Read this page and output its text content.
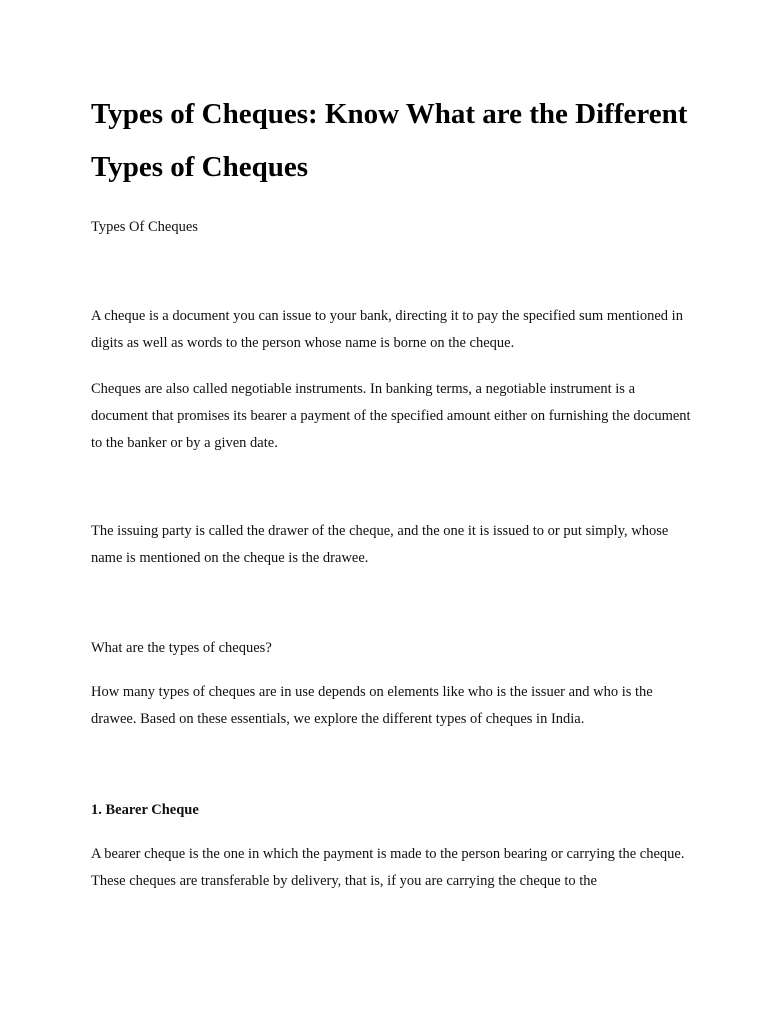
Types of Cheques: Know What are the Different Types of Cheques

Types Of Cheques

A cheque is a document you can issue to your bank, directing it to pay the specified sum mentioned in digits as well as words to the person whose name is borne on the cheque.

Cheques are also called negotiable instruments. In banking terms, a negotiable instrument is a document that promises its bearer a payment of the specified amount either on furnishing the document to the banker or by a given date.

The issuing party is called the drawer of the cheque, and the one it is issued to or put simply, whose name is mentioned on the cheque is the drawee.

What are the types of cheques?

How many types of cheques are in use depends on elements like who is the issuer and who is the drawee. Based on these essentials, we explore the different types of cheques in India.

1. Bearer Cheque

A bearer cheque is the one in which the payment is made to the person bearing or carrying the cheque. These cheques are transferable by delivery, that is, if you are carrying the cheque to the
